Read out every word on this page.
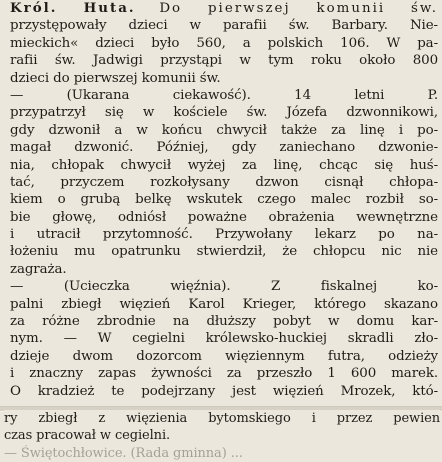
Król. Huta. Do pierwszej komunii św.
przystępowały dzieci w parafii św. Barbary. Nie-
mieckich« dzieci było 560, a polskich 106. W pa-
rafii św. Jadwigi przystąpi w tym roku około 800
dzieci do pierwszej komunii św.
— (Ukarana ciekawość). 14 letni P.
przypatrzył się w kościele św. Józefa dzwonnikowi,
gdy dzwonił a w końcu chwycił także za linę i po-
magał dzwonić. Później, gdy zaniechano dzwonie-
nia, chłopak chwycił wyżej za linę, chcąc się huś-
tać, przyczem rozkołysany dzwon cisnął chłopa-
kiem o grubą belkę wskutek czego malec rozbił so-
bie głowę, odniósł poważne obrażenia wewnętrzne
i utracił przytomność. Przywołany lekarz po na-
łożeniu mu opatrunku stwierdził, że chłopcu nic nie
zagraża.
— (Ucieczka więźnia). Z fiskalnej ko-
palni zbiegł więzień Karol Krieger, którego skazano
za różne zbrodnie na dłuższy pobyt w domu kar-
nym. — W cegielni królewsko-huckiej skradli zło-
dzieje dwom dozorcom więziennym futra, odzieży
i znaczny zapas żywności za przeszło 1 600 marek.
O kradzież te podejrzany jest więzień Mrozek, któ-
ry zbiegł z więzienia bytomskiego i przez pewien
czas pracował w cegielni.
— Świętochłowice. (Rada gminna) ...
